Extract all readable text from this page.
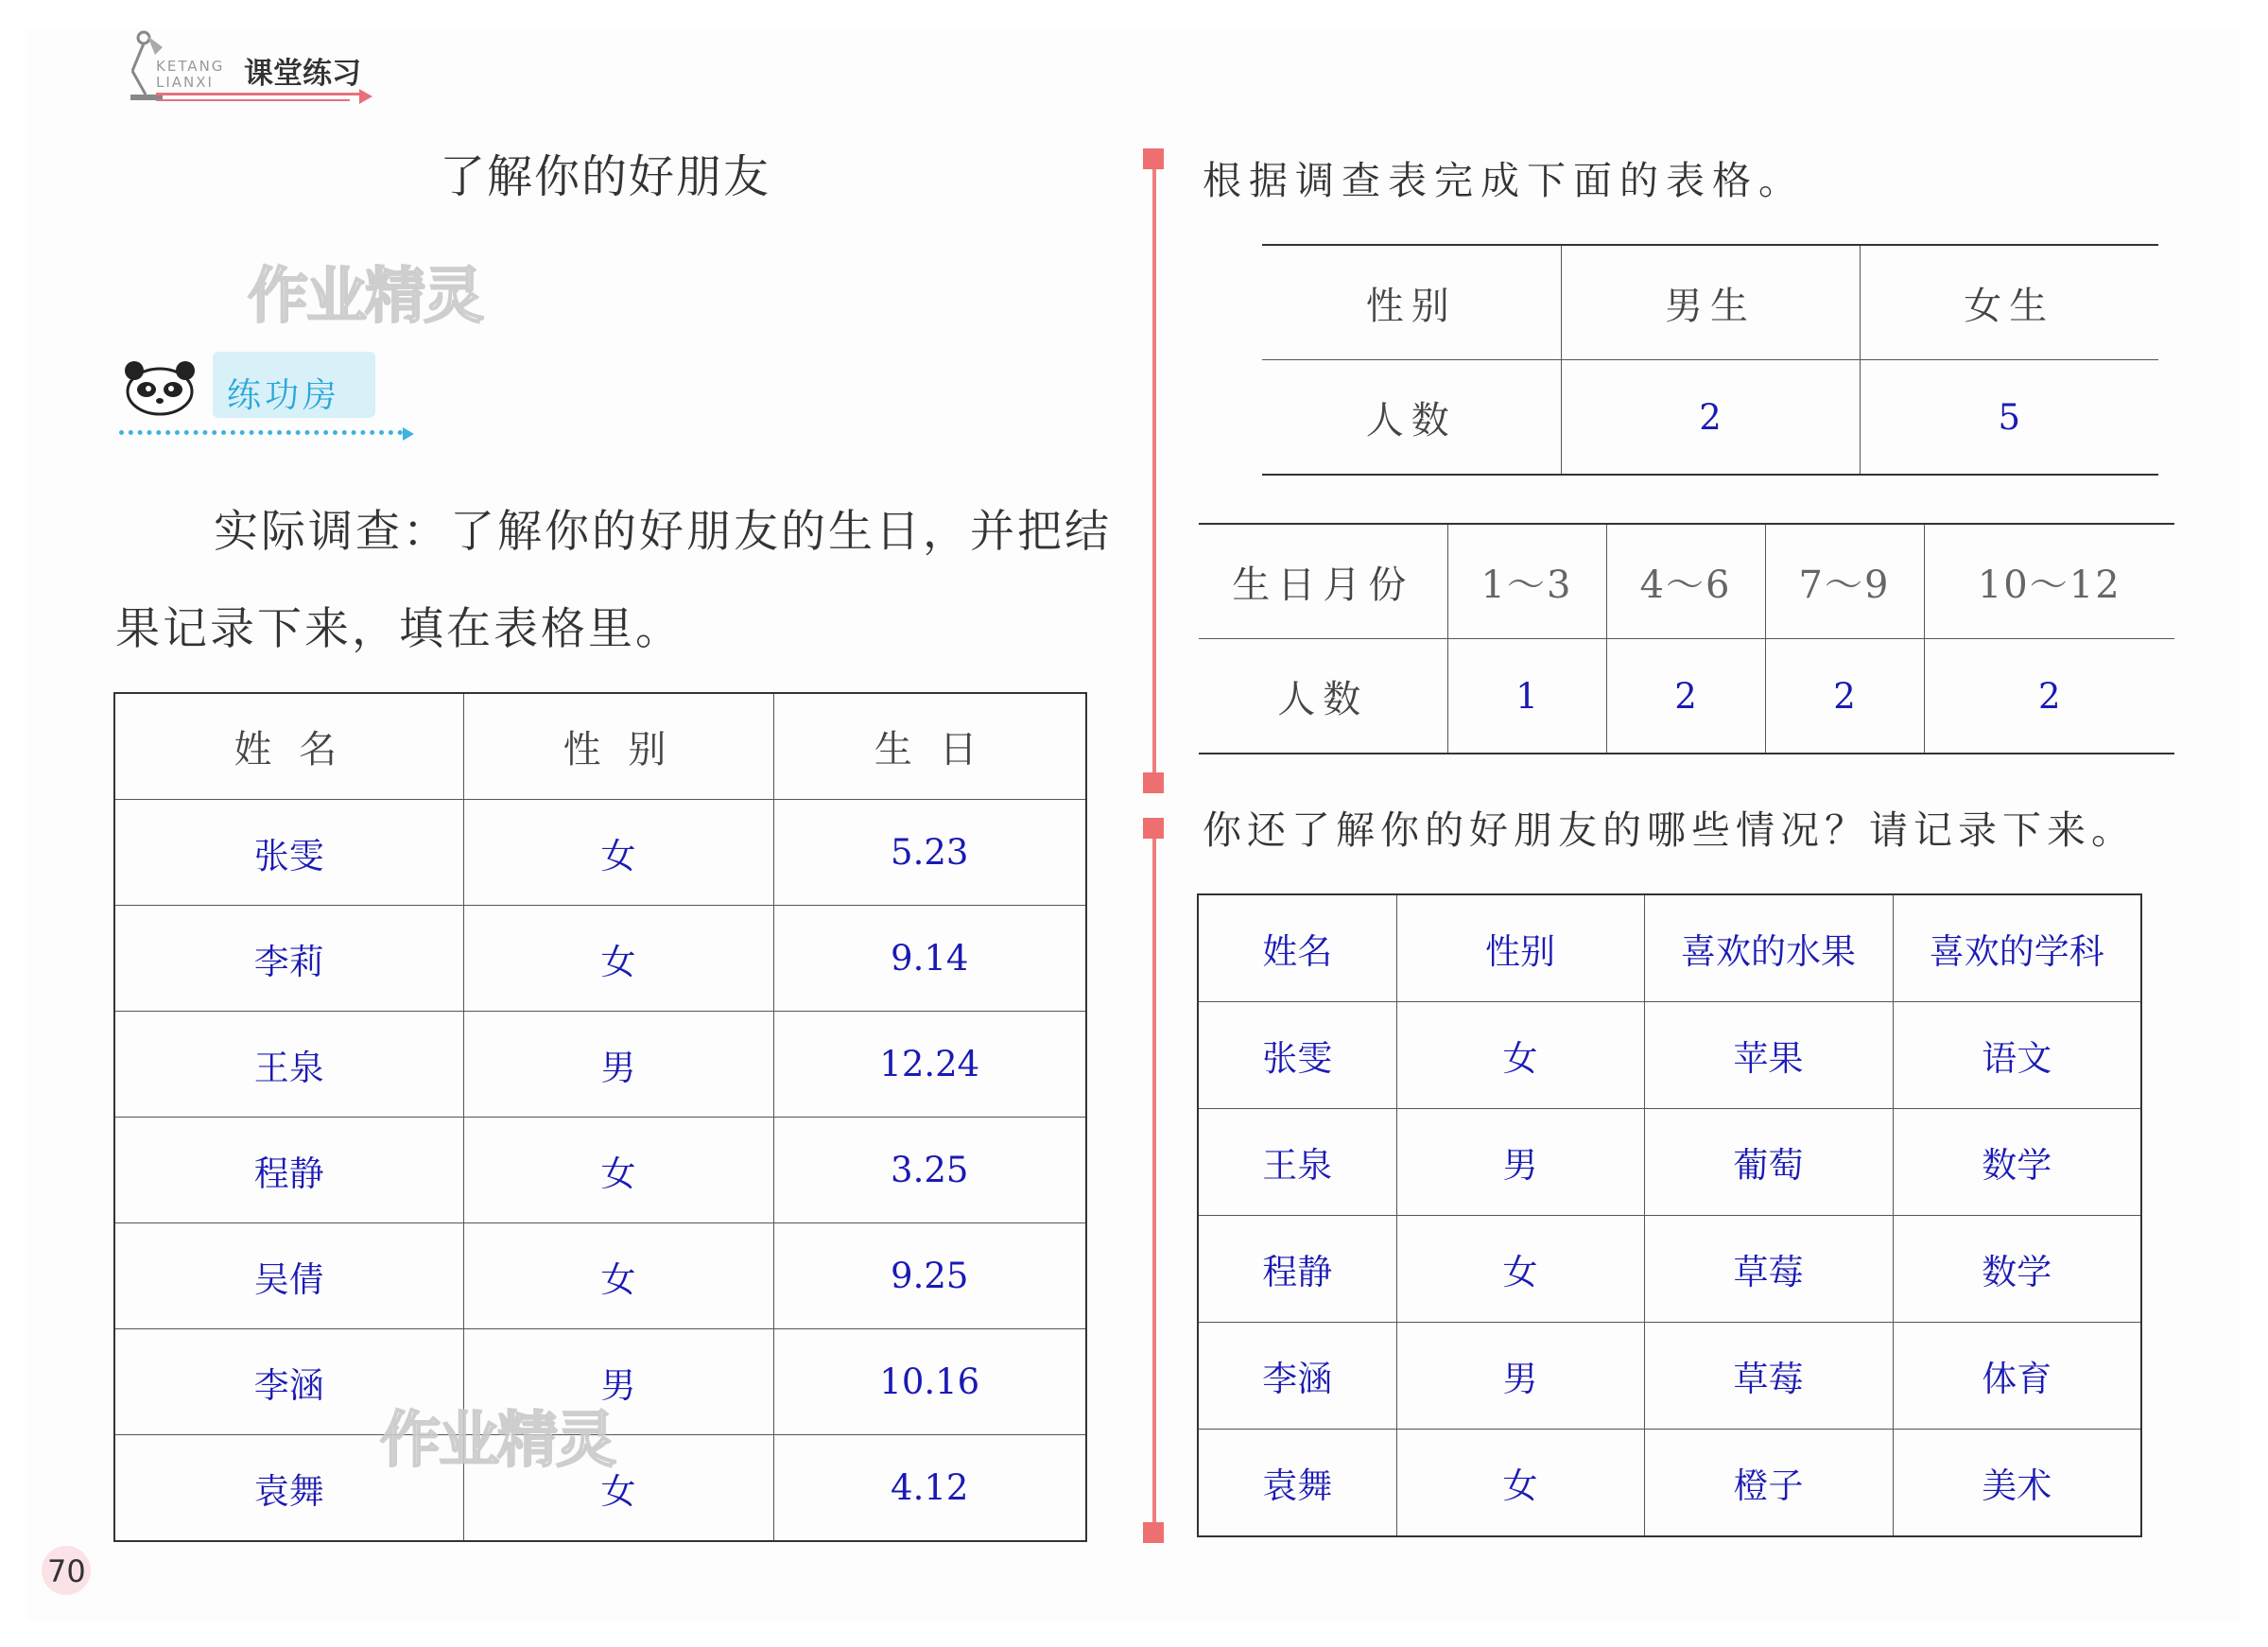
KETANG
LIANXI	课堂练习
了解你的好朋友
作业精灵
练功房
实际调查：了解你的好朋友的生日，并把结
果记录下来，填在表格里。
姓 名	性 别	生 日
张雯	女	5.23
李莉	女	9.14
王泉	男	12.24
程静	女	3.25
吴倩	女	9.25
李涵	男	10.16
袁舞	女	4.12
作业精灵
根据调查表完成下面的表格。
性别	男生	女生
人数	2	5
生日月份	1～3	4～6	7～9	10～12
人数	1	2	2	2
你还了解你的好朋友的哪些情况？请记录下来。
姓名	性别	喜欢的水果	喜欢的学科
张雯	女	苹果	语文
王泉	男	葡萄	数学
程静	女	草莓	数学
李涵	男	草莓	体育
袁舞	女	橙子	美术
70
